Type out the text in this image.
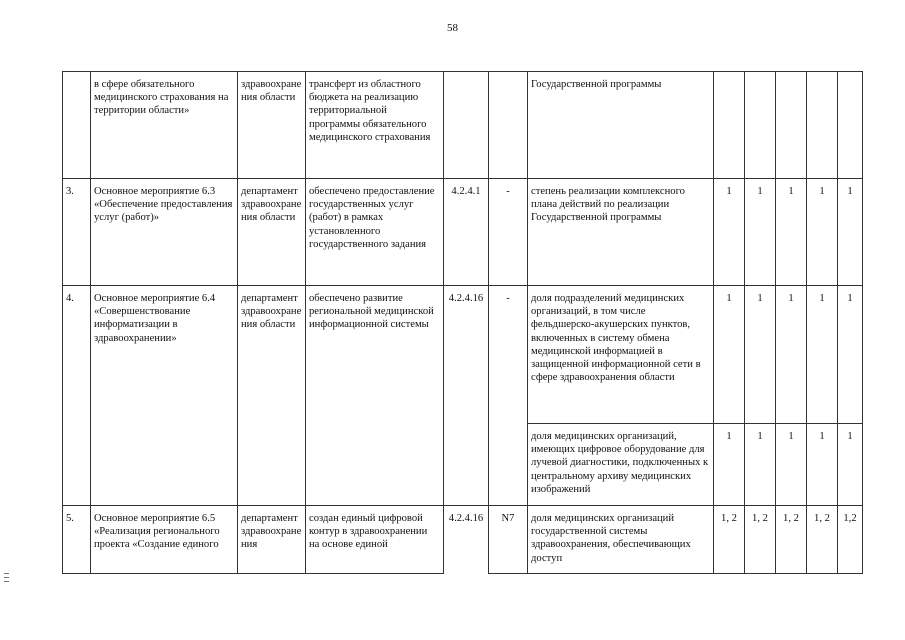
58
	в сфере обязательного медицинского страхования на территории области»	здравоохранения области	трансферт из областного бюджета на реализацию территориальной программы обязательного медицинского страхования			Государственной программы					
3.	Основное мероприятие 6.3 «Обеспечение предоставления услуг (работ)»	департамент здравоохранения области	обеспечено предоставление государственных услуг (работ) в рамках установленного государственного задания	4.2.4.1	-	степень реализации комплексного плана действий по реализации Государственной программы	1	1	1	1	1
4.	Основное мероприятие 6.4 «Совершенствование информатизации в здравоохранении»	департамент здравоохранения области	обеспечено развитие региональной медицинской информационной системы	4.2.4.16	-	доля подразделений медицинских организаций, в том числе фельдшерско-акушерских пунктов, включенных в систему обмена медицинской информацией в защищенной информационной сети в сфере здравоохранения области	1	1	1	1	1
						доля медицинских организаций, имеющих цифровое оборудование для лучевой диагностики, подключенных к центральному архиву медицинских изображений	1	1	1	1	1
5.	Основное мероприятие 6.5 «Реализация регионального проекта «Создание единого	департамент здравоохранения	создан единый цифровой контур в здравоохранении на основе единой	4.2.4.16	N7	доля медицинских организаций государственной системы здравоохранения, обеспечивающих доступ	1, 2	1, 2	1, 2	1, 2	1,2
